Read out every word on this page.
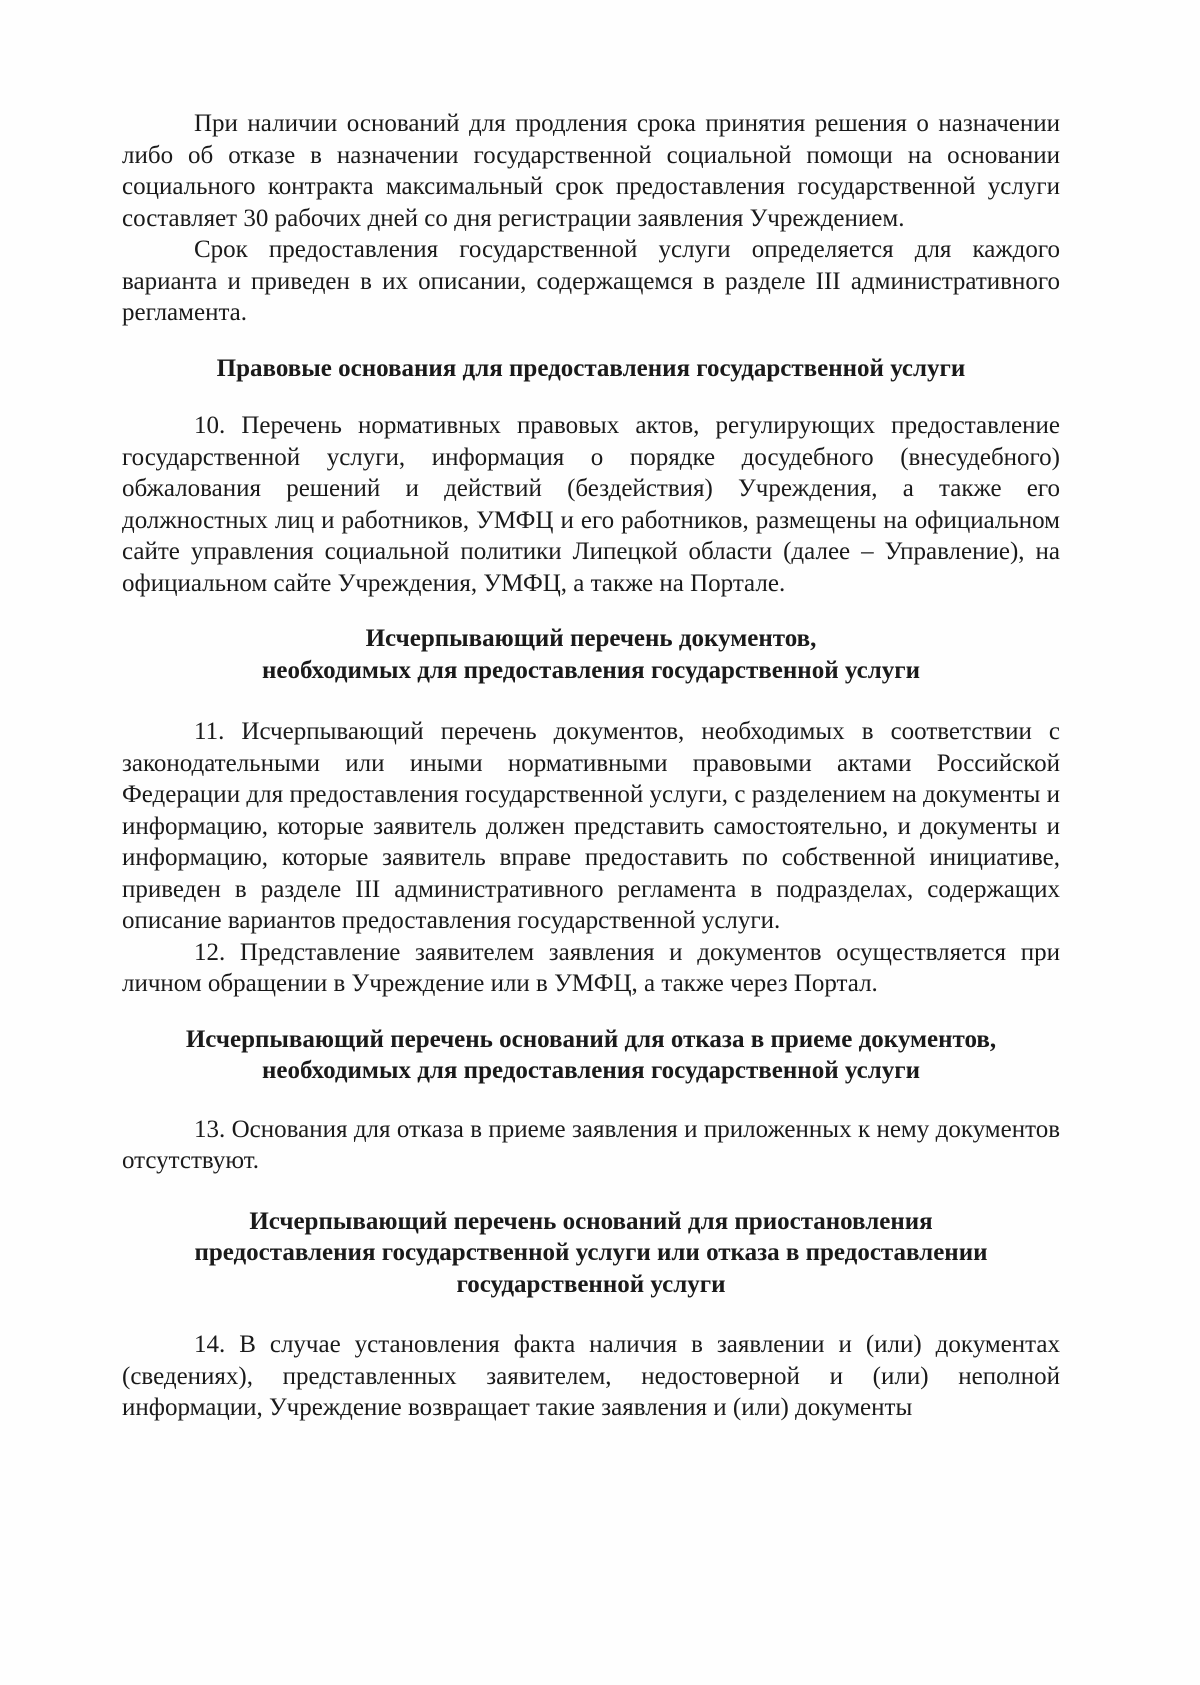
При наличии оснований для продления срока принятия решения о назначении либо об отказе в назначении государственной социальной помощи на основании социального контракта максимальный срок предоставления государственной услуги составляет 30 рабочих дней со дня регистрации заявления Учреждением.

Срок предоставления государственной услуги определяется для каждого варианта и приведен в их описании, содержащемся в разделе III административного регламента.

Правовые основания для предоставления государственной услуги

10. Перечень нормативных правовых актов, регулирующих предоставление государственной услуги, информация о порядке досудебного (внесудебного) обжалования решений и действий (бездействия) Учреждения, а также его должностных лиц и работников, УМФЦ и его работников, размещены на официальном сайте управления социальной политики Липецкой области (далее – Управление), на официальном сайте Учреждения, УМФЦ, а также на Портале.

Исчерпывающий перечень документов,
необходимых для предоставления государственной услуги

11. Исчерпывающий перечень документов, необходимых в соответствии с законодательными или иными нормативными правовыми актами Российской Федерации для предоставления государственной услуги, с разделением на документы и информацию, которые заявитель должен представить самостоятельно, и документы и информацию, которые заявитель вправе предоставить по собственной инициативе, приведен в разделе III административного регламента в подразделах, содержащих описание вариантов предоставления государственной услуги.

12. Представление заявителем заявления и документов осуществляется при личном обращении в Учреждение или в УМФЦ, а также через Портал.

Исчерпывающий перечень оснований для отказа в приеме документов,
необходимых для предоставления государственной услуги

13. Основания для отказа в приеме заявления и приложенных к нему документов отсутствуют.

Исчерпывающий перечень оснований для приостановления
предоставления государственной услуги или отказа в предоставлении
государственной услуги

14. В случае установления факта наличия в заявлении и (или) документах (сведениях), представленных заявителем, недостоверной и (или) неполной информации, Учреждение возвращает такие заявления и (или) документы
